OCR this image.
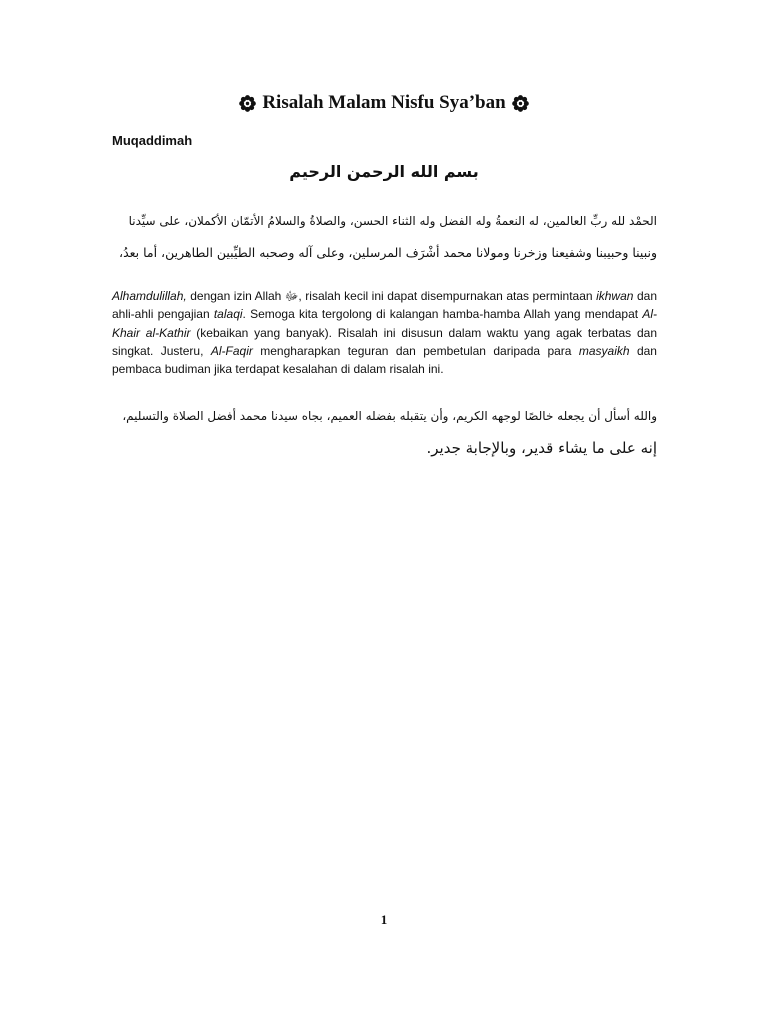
Risalah Malam Nisfu Sya’ban
Muqaddimah
بسم الله الرحمن الرحيم
الحمْد لله ربِّ العالمين، له النعمةُ وله الفضل وله الثناء الحسن، والصلاةُ والسلامُ الأتمّان الأكملان، على سيِّدنا
ونبينا وحبيبنا وشفيعنا وزخرنا ومولانا محمد أشْرَف المرسلين، وعلى آله وصحبه الطيِّبين الطاهرين، أما بعدُ،
Alhamdulillah, dengan izin Allah ﷻ, risalah kecil ini dapat disempurnakan atas permintaan ikhwan dan ahli-ahli pengajian talaqi. Semoga kita tergolong di kalangan hamba-hamba Allah yang mendapat Al-Khair al-Kathir (kebaikan yang banyak). Risalah ini disusun dalam waktu yang agak terbatas dan singkat. Justeru, Al-Faqir mengharapkan teguran dan pembetulan daripada para masyaikh dan pembaca budiman jika terdapat kesalahan di dalam risalah ini.
والله أسأل أن يجعله خالصًا لوجهه الكريم، وأن يتقبله بفضله العميم، بجاه سيدنا محمد أفضل الصلاة والتسليم،
إنه على ما يشاء قدير، وبالإجابة جدير.
1
